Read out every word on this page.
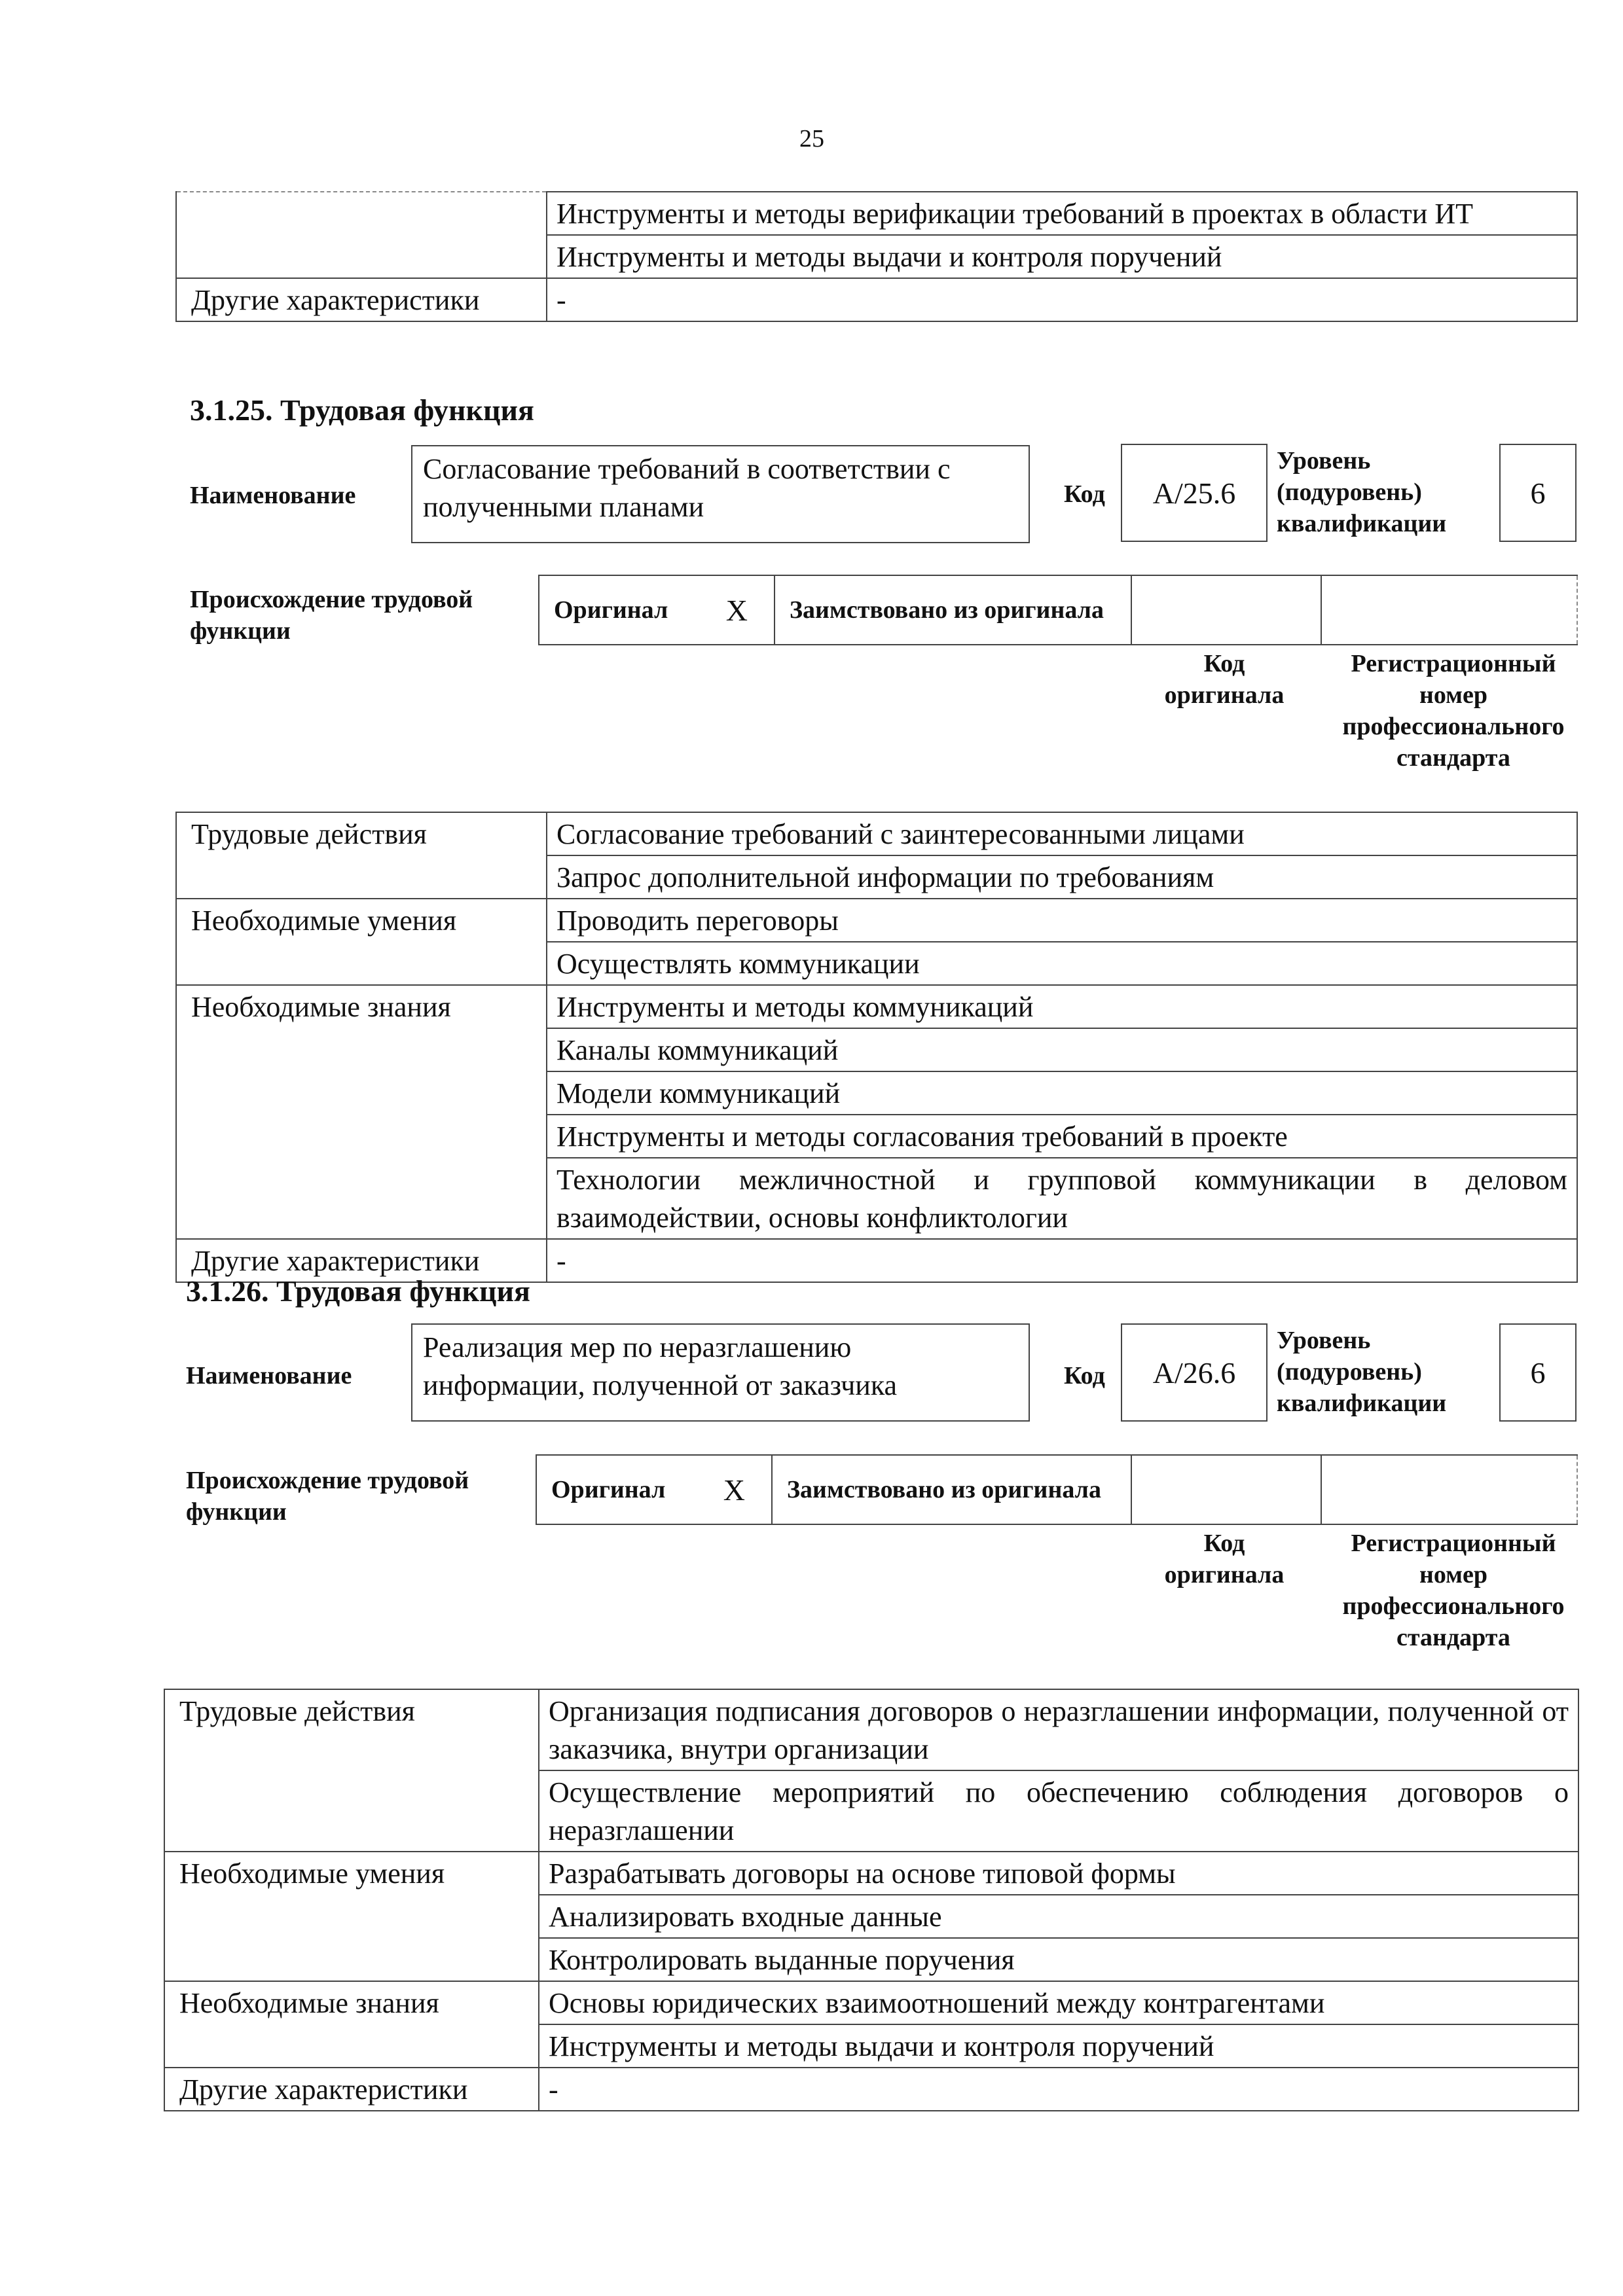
25
	Инструменты и методы верификации требований в проектах в области ИТ
	Инструменты и методы выдачи и контроля поручений
Другие характеристики	-
3.1.25. Трудовая функция
Наименование
Согласование требований в соответствии с полученными планами	Код	A/25.6
Уровень (подуровень) квалификации
6
Происхождение трудовой функции
Оригинал X Заимствовано из оригинала
Код оригинала
Регистрационный номер профессионального стандарта
Трудовые действия	Согласование требований с заинтересованными лицами
	Запрос дополнительной информации по требованиям
Необходимые умения	Проводить переговоры
	Осуществлять коммуникации
Необходимые знания	Инструменты и методы коммуникаций
	Каналы коммуникаций
	Модели коммуникаций
	Инструменты и методы согласования требований в проекте
	Технологии межличностной и групповой коммуникации в деловом взаимодействии, основы конфликтологии
Другие характеристики	-
3.1.26. Трудовая функция
Наименование
Реализация мер по неразглашению информации, полученной от заказчика	Код	A/26.6
Уровень (подуровень) квалификации
6
Происхождение трудовой функции
Оригинал X Заимствовано из оригинала
Код оригинала
Регистрационный номер профессионального стандарта
Трудовые действия	Организация подписания договоров о неразглашении информации, полученной от заказчика, внутри организации
	Осуществление мероприятий по обеспечению соблюдения договоров о неразглашении
Необходимые умения	Разрабатывать договоры на основе типовой формы
	Анализировать входные данные
	Контролировать выданные поручения
Необходимые знания	Основы юридических взаимоотношений между контрагентами
	Инструменты и методы выдачи и контроля поручений
Другие характеристики	-
